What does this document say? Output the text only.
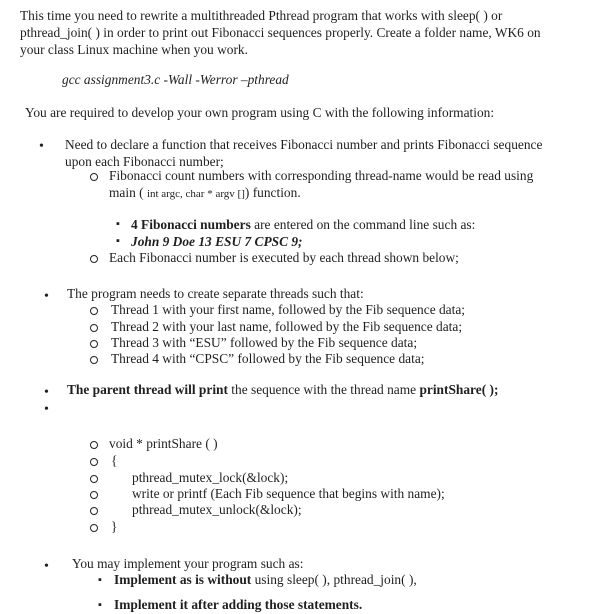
This time you need to rewrite a multithreaded Pthread program that works with sleep( ) or
pthread_join( ) in order to print out Fibonacci sequences properly. Create a folder name, WK6 on
your class Linux machine when you work.
gcc assignment3.c -Wall -Werror –pthread
You are required to develop your own program using C with the following information:
• Need to declare a function that receives Fibonacci number and prints Fibonacci sequence
upon each Fibonacci number;
Fibonacci count numbers with corresponding thread-name would be read using
main ( int argc, char * argv []) function.
▪ 4 Fibonacci numbers are entered on the command line such as:
▪ John 9 Doe 13 ESU 7 CPSC 9;
Each Fibonacci number is executed by each thread shown below;
• The program needs to create separate threads such that:
Thread 1 with your first name, followed by the Fib sequence data;
Thread 2 with your last name, followed by the Fib sequence data;
Thread 3 with “ESU” followed by the Fib sequence data;
Thread 4 with “CPSC” followed by the Fib sequence data;
• The parent thread will print the sequence with the thread name printShare( );
•
void * printShare ( )
{
pthread_mutex_lock(&lock);
write or printf (Each Fib sequence that begins with name);
pthread_mutex_unlock(&lock);
}
• You may implement your program such as:
▪ Implement as is without using sleep( ), pthread_join( ),
▪ Implement it after adding those statements.
